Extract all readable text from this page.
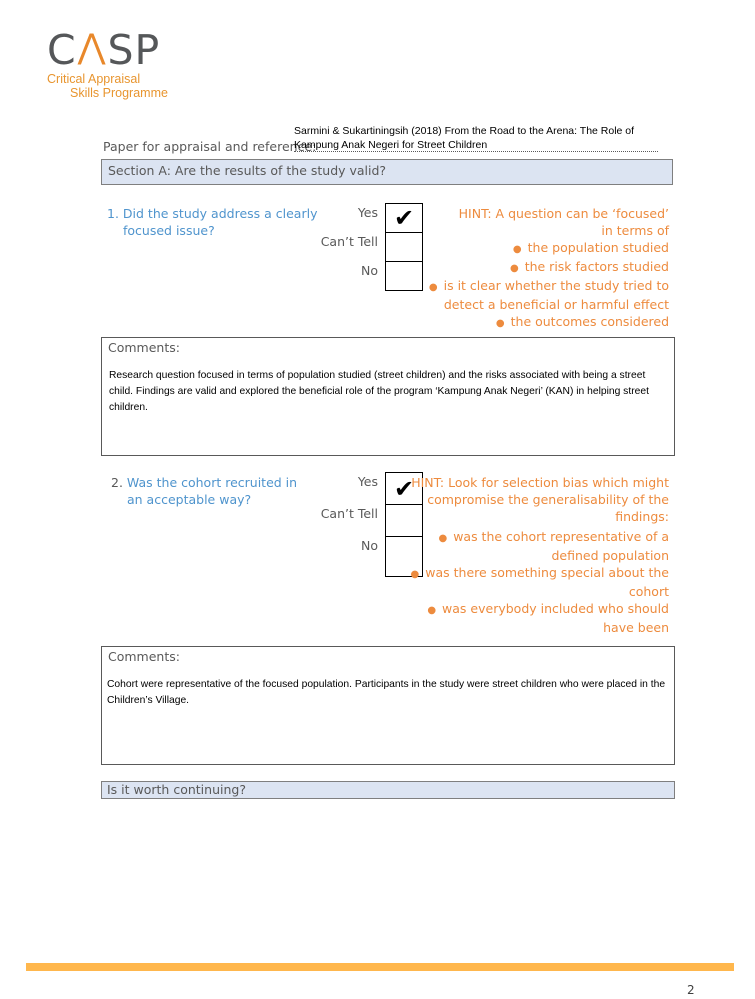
C ⋀ SP
Critical Appraisal
Skills Programme
Paper for appraisal and reference:
Sarmini & Sukartiningsih (2018) From the Road to the Arena: The Role of
Kampung Anak Negeri for Street Children
Section A: Are the results of the study valid?
1. Did the study address a clearly
focused issue?
Yes
Can’t Tell
No
✔	HINT: A question can be ‘focused’
in terms of
● the population studied
● the risk factors studied
● is it clear whether the study tried to
detect a beneficial or harmful effect
● the outcomes considered
Comments:
Research question focused in terms of population studied (street children) and the risks associated with being a street child. Findings are valid and explored the beneficial role of the program ‘Kampung Anak Negeri’ (KAN) in helping street children.
2. Was the cohort recruited in
an acceptable way?
Yes
Can’t Tell
No
✔
HINT: Look for selection bias which might
compromise the generalisability of the
findings:
● was the cohort representative of a
defined population
● was there something special about the
cohort
● was everybody included who should
have been
Comments:
Cohort were representative of the focused population. Participants in the study were street children who were placed in the Children’s Village.
Is it worth continuing?
2
